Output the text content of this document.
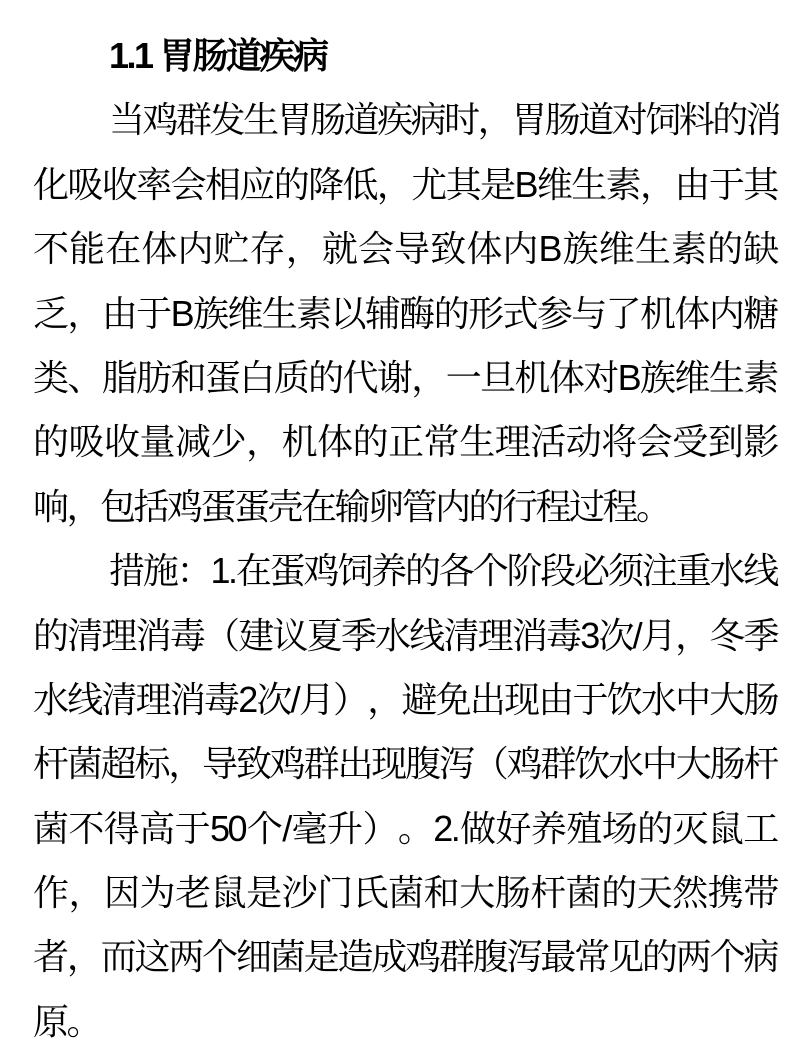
1.1 胃肠道疾病
当 鸡 群 发 生 胃 肠 道 疾 病 时 ， 胃 肠 道 对 饲 料 的 消
化 吸 收 率 会 相 应 的 降 低 ， 尤 其 是 B 维 生 素 ， 由 于 其
不 能 在 体 内 贮 存 ， 就 会 导 致 体 内 B 族 维 生 素 的 缺
乏 ， 由 于 B 族 维 生 素 以 辅 酶 的 形 式 参 与 了 机 体 内 糖
类 、 脂 肪 和 蛋 白 质 的 代 谢 ， 一 旦 机 体 对 B 族 维 生 素
的 吸 收 量 减 少 ， 机 体 的 正 常 生 理 活 动 将 会 受 到 影
响，包括鸡蛋蛋壳在输卵管内的行程过程。
措 施 ： 1. 在 蛋 鸡 饲 养 的 各 个 阶 段 必 须 注 重 水 线
的 清 理 消 毒 （ 建 议 夏 季 水 线 清 理 消 毒 3 次 / 月 ， 冬 季
水 线 清 理 消 毒 2 次 / 月 ） ， 避 免 出 现 由 于 饮 水 中 大 肠
杆 菌 超 标 ， 导 致 鸡 群 出 现 腹 泻 （ 鸡 群 饮 水 中 大 肠 杆
菌 不 得 高 于 50 个 / 毫 升 ） 。 2. 做 好 养 殖 场 的 灭 鼠 工
作 ， 因 为 老 鼠 是 沙 门 氏 菌 和 大 肠 杆 菌 的 天 然 携 带
者 ， 而 这 两 个 细 菌 是 造 成 鸡 群 腹 泻 最 常 见 的 两 个 病
原。
